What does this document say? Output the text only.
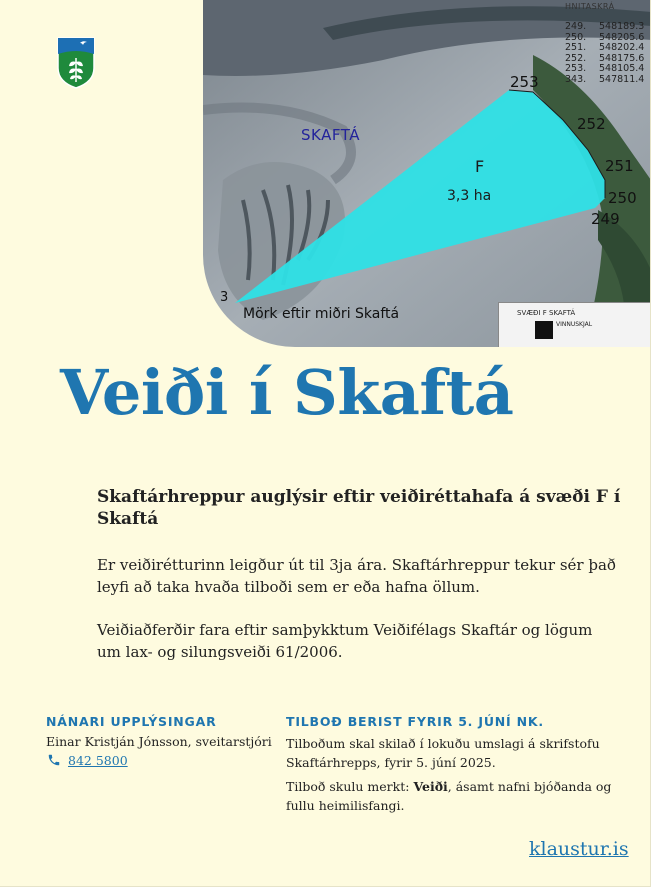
SKAFTÁ
F
3,3 ha
253
252
251
250
249
3
Mörk eftir miðri Skaftá
HNITASKRÁ
249.	548189.3
250.	548205.6
251.	548202.4
252.	548175.6
253.	548105.4
343.	547811.4
SVÆÐI F SKAFTÁ
VINNUSKJAL
Veiði í Skaftá
Skaftárhreppur auglýsir eftir veiðiréttahafa á svæði F í Skaftá

Er veiðirétturinn leigður út til 3ja ára. Skaftárhreppur tekur sér það leyfi að taka hvaða tilboði sem er eða hafna öllum.

Veiðiaðferðir fara eftir samþykktum Veiðifélags Skaftár og lögum um lax- og silungsveiði 61/2006.

NÁNARI UPPLÝSINGAR
Einar Kristján Jónsson, sveitarstjóri
842 5800
TILBOÐ BERIST FYRIR 5. JÚNÍ NK.

Tilboðum skal skilað í lokuðu umslagi á skrifstofu Skaftárhrepps, fyrir 5. júní 2025.

Tilboð skulu merkt: Veiði, ásamt nafni bjóðanda og fullu heimilisfangi.

klaustur.is
